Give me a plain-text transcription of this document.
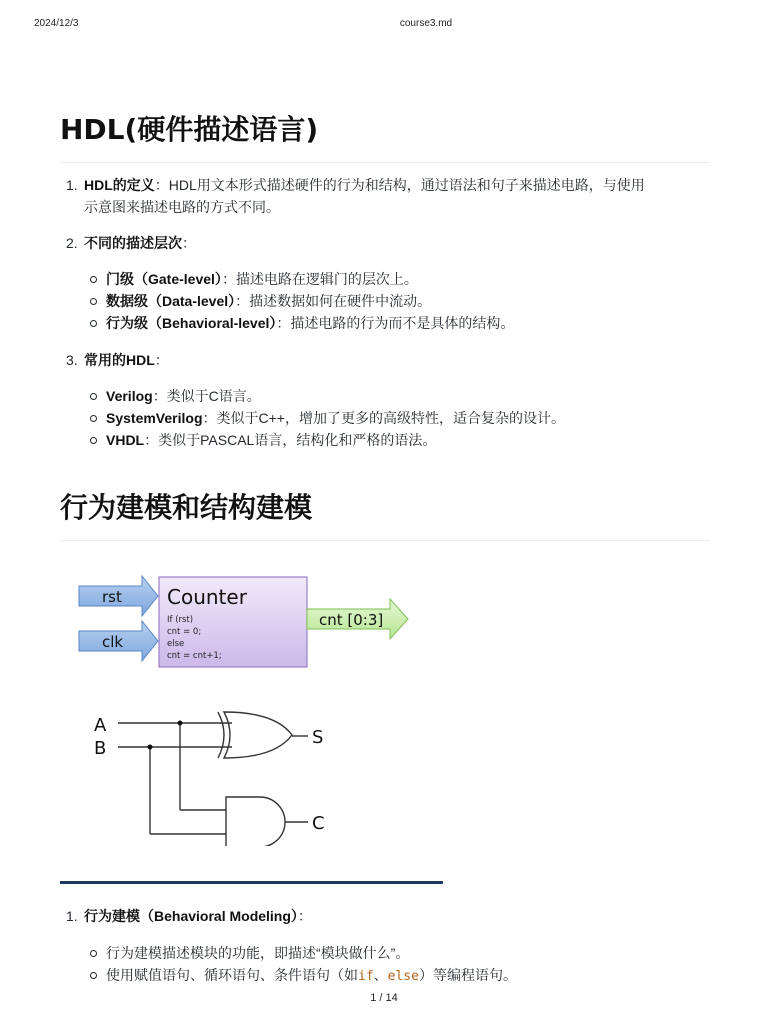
2024/12/3	course3.md
HDL(硬件描述语言)
1. HDL的定义：HDL用文本形式描述硬件的行为和结构，通过语法和句子来描述电路，与使用
示意图来描述电路的方式不同。
2. 不同的描述层次：
门级（Gate-level）：描述电路在逻辑门的层次上。
数据级（Data-level）：描述数据如何在硬件中流动。
行为级（Behavioral-level）：描述电路的行为而不是具体的结构。
3. 常用的HDL：
Verilog：类似于C语言。
SystemVerilog：类似于C++，增加了更多的高级特性，适合复杂的设计。
VHDL：类似于PASCAL语言，结构化和严格的语法。
行为建模和结构建模
1. 行为建模（Behavioral Modeling）：
行为建模描述模块的功能，即描述“模块做什么”。
使用赋值语句、循环语句、条件语句（如if、else）等编程语句。
rst
clk
Counter
If (rst)
cnt = 0;
else
cnt = cnt+1;
cnt [0:3]
A
B
S
C
1 / 14
